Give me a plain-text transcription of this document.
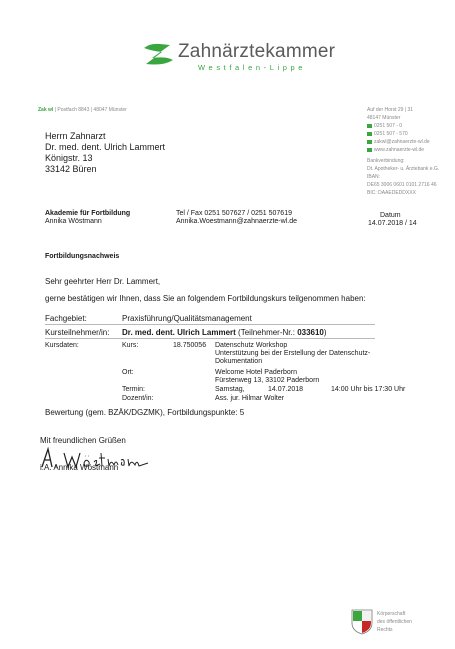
Zahnärztekammer
Westfalen-Lippe
Zak wl | Postfach 8843 | 48047 Münster	Auf der Horst 29 | 31
48147 Münster
0251 507 - 0
0251 507 - 570
zakwl@zahnaerzte-wl.de
www.zahnaerzte-wl.de
Bankverbindung:
Dt. Apotheker- u. Ärztebank e.G.
IBAN:
DE65 3006 0601 0101 2716 46
BIC: DAAEDEDDXXX
Herrn Zahnarzt
Dr. med. dent. Ulrich Lammert
Königstr. 13
33142 Büren
Akademie für Fortbildung
Annika Wöstmann
Tel / Fax 0251 507627 / 0251 507619
Annika.Woestmann@zahnaerzte-wl.de
Datum
14.07.2018 / 14
Fortbildungsnachweis
Sehr geehrter Herr Dr. Lammert,
gerne bestätigen wir Ihnen, dass Sie an folgendem Fortbildungskurs teilgenommen haben:
Fachgebiet:	Praxisführung/Qualitätsmanagement
Kursteilnehmer/in: Dr. med. dent. Ulrich Lammert (Teilnehmer-Nr.: 033610)
Kursdaten:	Kurs:	18.750056 Datenschutz Workshop
Unterstützung bei der Erstellung der Datenschutz-
Dokumentation
Ort:	Welcome Hotel Paderborn
Fürstenweg 13, 33102 Paderborn
Termin:	Samstag,	14.07.2018	14:00 Uhr bis 17:30 Uhr
Dozent/in:	Ass. jur. Hilmar Wolter
Bewertung (gem. BZÄK/DGZMK), Fortbildungspunkte: 5
Mit freundlichen Grüßen
i.A. Annika Wöstmann
Körperschaft
des öffentlichen
Rechts
